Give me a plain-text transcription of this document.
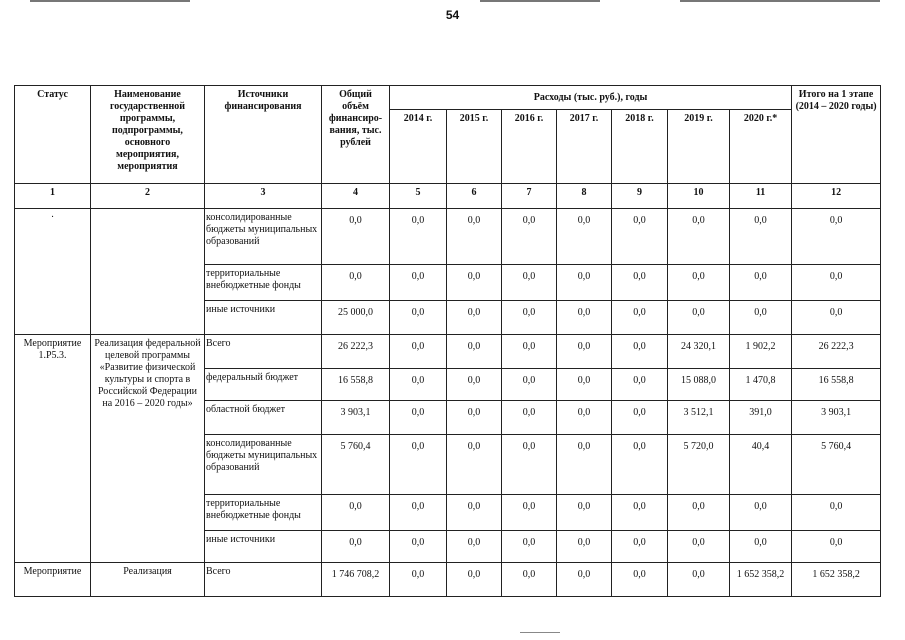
54
Статус	Наименование государственной программы, подпрограммы, основного мероприятия, мероприятия	Источники финансирования	Общий объём финансиро-вания, тыс. рублей	Расходы (тыс. руб.), годы							Итого на 1 этапе (2014 – 2020 годы)
				2014 г.	2015 г.	2016 г.	2017 г.	2018 г.	2019 г.	2020 г.*	
1	2	3	4	5	6	7	8	9	10	11	12
·		консолидированные бюджеты муниципальных образований	0,0	0,0	0,0	0,0	0,0	0,0	0,0	0,0	0,0
		территориальные внебюджетные фонды	0,0	0,0	0,0	0,0	0,0	0,0	0,0	0,0	0,0
		иные источники	25 000,0	0,0	0,0	0,0	0,0	0,0	0,0	0,0	0,0
Мероприятие 1.P5.3.	Реализация федеральной целевой программы «Развитие физической культуры и спорта в Российской Федерации на 2016 – 2020 годы»	Всего	26 222,3	0,0	0,0	0,0	0,0	0,0	24 320,1	1 902,2	26 222,3
		федеральный бюджет	16 558,8	0,0	0,0	0,0	0,0	0,0	15 088,0	1 470,8	16 558,8
		областной бюджет	3 903,1	0,0	0,0	0,0	0,0	0,0	3 512,1	391,0	3 903,1
		консолидированные бюджеты муниципальных образований	5 760,4	0,0	0,0	0,0	0,0	0,0	5 720,0	40,4	5 760,4
		территориальные внебюджетные фонды	0,0	0,0	0,0	0,0	0,0	0,0	0,0	0,0	0,0
		иные источники	0,0	0,0	0,0	0,0	0,0	0,0	0,0	0,0	0,0
Мероприятие	Реализация	Всего	1 746 708,2	0,0	0,0	0,0	0,0	0,0	0,0	1 652 358,2	1 652 358,2
